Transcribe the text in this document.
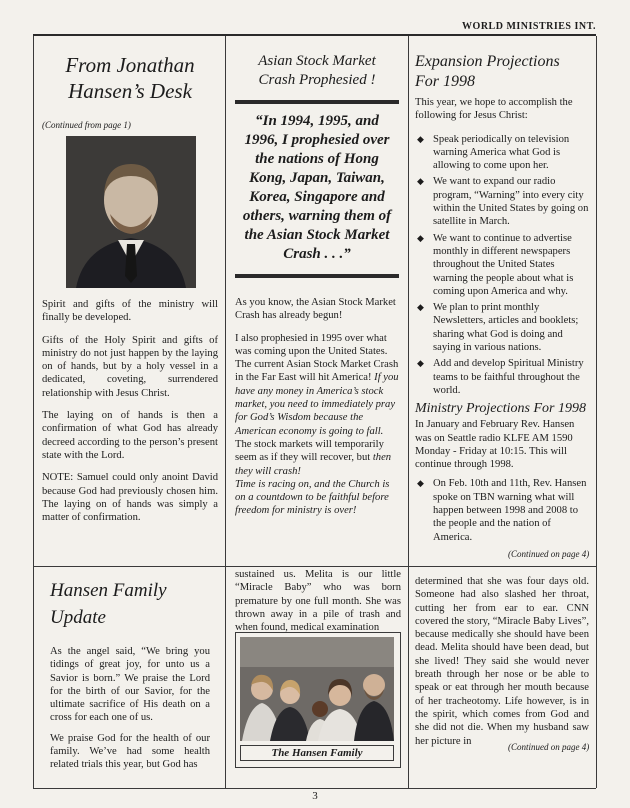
WORLD MINISTRIES INT.
From Jonathan
Hansen’s Desk
(Continued from page 1)

Spirit and gifts of the ministry will finally be developed.

Gifts of the Holy Spirit and gifts of ministry do not just happen by the laying on of hands, but by a holy vessel in a dedicated, coveting, surrendered relationship with Jesus Christ.

The laying on of hands is then a confirmation of what God has already decreed according to the person’s present state with the Lord.

NOTE: Samuel could only anoint David because God had previously chosen him. The laying on of hands was simply a matter of confirmation.

Asian Stock Market
Crash Prophesied !
“In 1994, 1995, and 1996, I prophesied over the nations of Hong Kong, Japan, Taiwan, Korea, Singapore and others, warning them of the Asian Stock Market Crash . . .”

As you know, the Asian Stock Market Crash has already begun!

I also prophesied in 1995 over what was coming upon the United States. The current Asian Stock Market Crash in the Far East will hit America! If you have any money in America’s stock market, you need to immediately pray for God’s Wisdom because the American economy is going to fall.

The stock markets will temporarily seem as if they will recover, but then they will crash!

Time is racing on, and the Church is on a countdown to be faithful before freedom for ministry is over!

Expansion Projections
For 1998

This year, we hope to accomplish the following for Jesus Christ:

◆ Speak periodically on television warning America what God is allowing to come upon her.
◆ We want to expand our radio program, “Warning” into every city within the United States by going on satellite in March.
◆ We want to continue to advertise monthly in different newspapers throughout the United States warning the people about what is coming upon America and why.
◆ We plan to print monthly Newsletters, articles and booklets; sharing what God is doing and saying in various nations.
◆ Add and develop Spiritual Ministry teams to be faithful throughout the world.
Ministry Projections For 1998

In January and February Rev. Hansen was on Seattle radio KLFE AM 1590 Monday - Friday at 10:15. This will continue through 1998.

◆ On Feb. 10th and 11th, Rev. Hansen spoke on TBN warning what will happen between 1998 and 2008 to the people and the nation of America.
(Continued on page 4)
Hansen Family
Update

As the angel said, “We bring you tidings of great joy, for unto us a Savior is born.” We praise the Lord for the birth of our Savior, for the ultimate sacrifice of His death on a cross for each one of us.

We praise God for the health of our family. We’ve had some health related trials this year, but God has

sustained us. Melita is our little “Miracle Baby” who was born premature by one full month. She was thrown away in a pile of trash and when found, medical examination

The Hansen Family

determined that she was four days old. Someone had also slashed her throat, cutting her from ear to ear. CNN covered the story, “Miracle Baby Lives”, because medically she should have been dead. Melita should have been dead, but she lived! They said she would never breath through her nose or be able to speak or eat through her mouth because of her tracheotomy. Life however, is in the spirit, which comes from God and she did not die. When my husband saw her picture in

(Continued on page 4)
3
